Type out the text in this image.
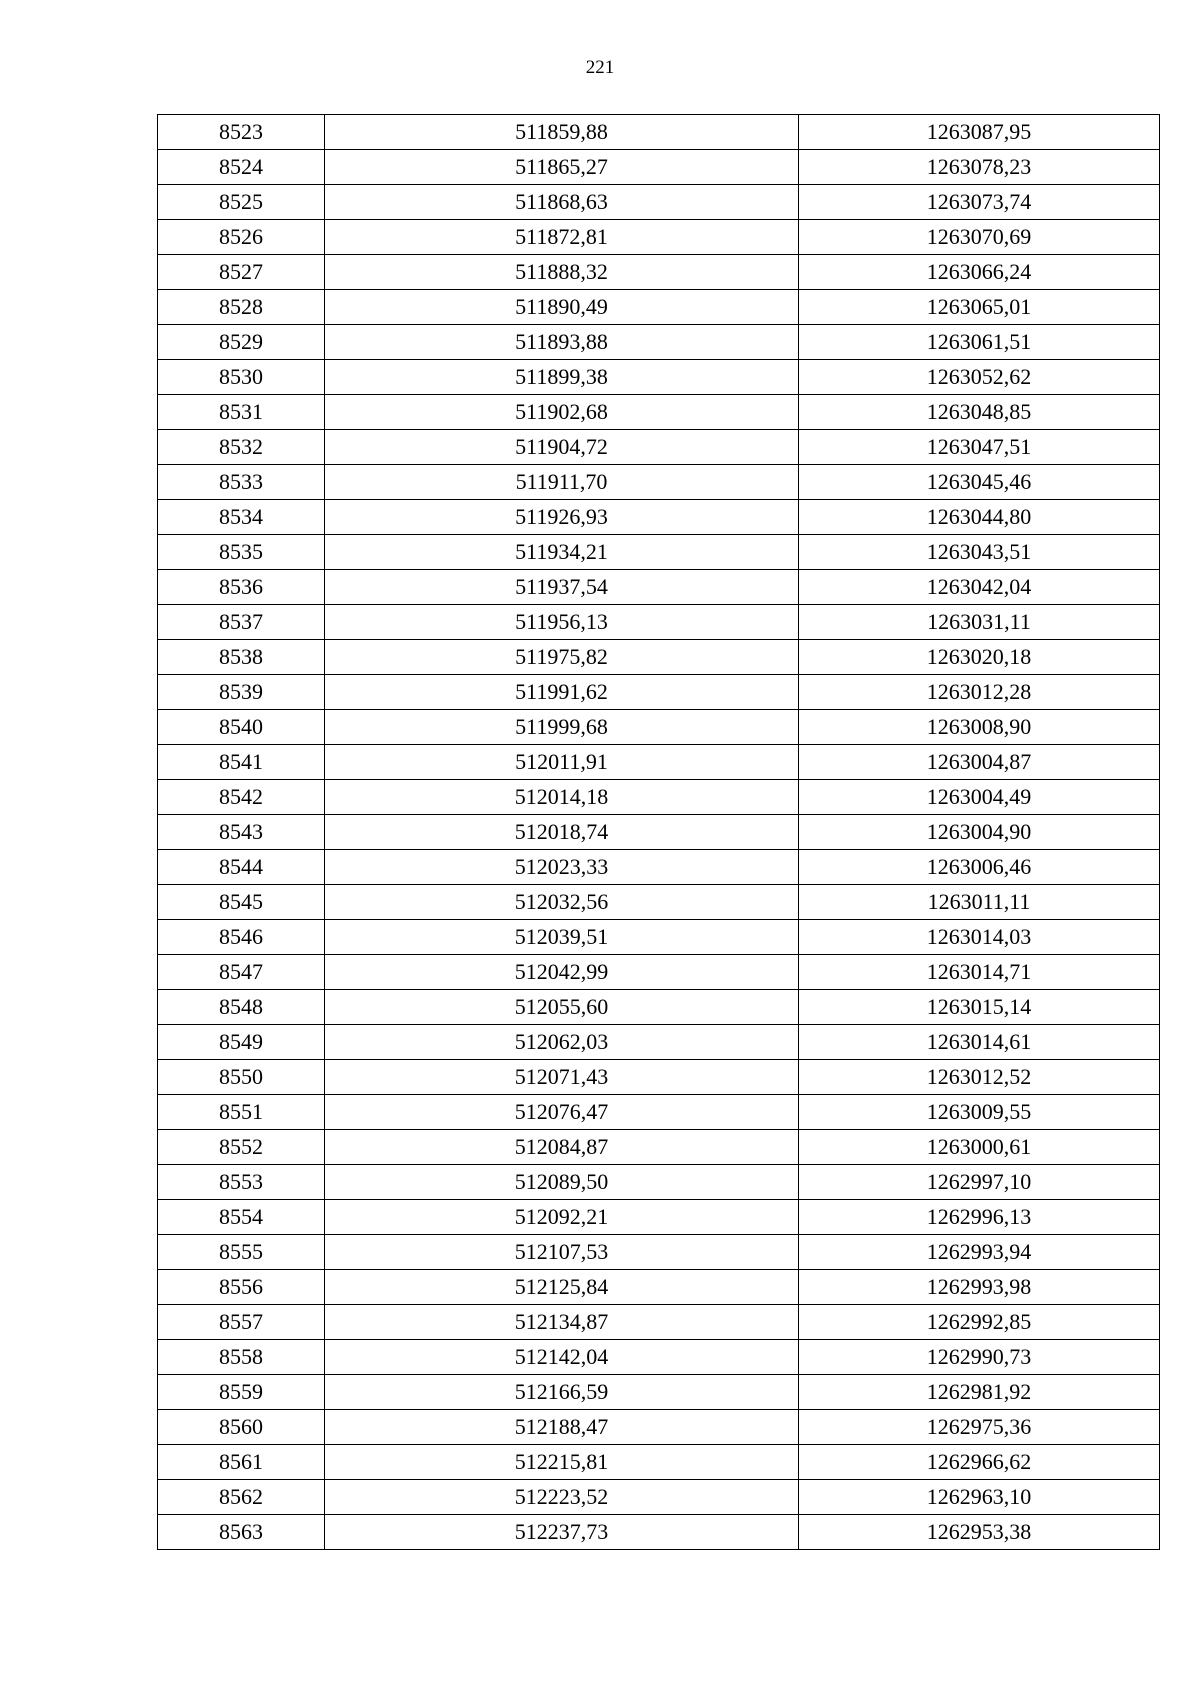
221
8523	511859,88	1263087,95
8524	511865,27	1263078,23
8525	511868,63	1263073,74
8526	511872,81	1263070,69
8527	511888,32	1263066,24
8528	511890,49	1263065,01
8529	511893,88	1263061,51
8530	511899,38	1263052,62
8531	511902,68	1263048,85
8532	511904,72	1263047,51
8533	511911,70	1263045,46
8534	511926,93	1263044,80
8535	511934,21	1263043,51
8536	511937,54	1263042,04
8537	511956,13	1263031,11
8538	511975,82	1263020,18
8539	511991,62	1263012,28
8540	511999,68	1263008,90
8541	512011,91	1263004,87
8542	512014,18	1263004,49
8543	512018,74	1263004,90
8544	512023,33	1263006,46
8545	512032,56	1263011,11
8546	512039,51	1263014,03
8547	512042,99	1263014,71
8548	512055,60	1263015,14
8549	512062,03	1263014,61
8550	512071,43	1263012,52
8551	512076,47	1263009,55
8552	512084,87	1263000,61
8553	512089,50	1262997,10
8554	512092,21	1262996,13
8555	512107,53	1262993,94
8556	512125,84	1262993,98
8557	512134,87	1262992,85
8558	512142,04	1262990,73
8559	512166,59	1262981,92
8560	512188,47	1262975,36
8561	512215,81	1262966,62
8562	512223,52	1262963,10
8563	512237,73	1262953,38
